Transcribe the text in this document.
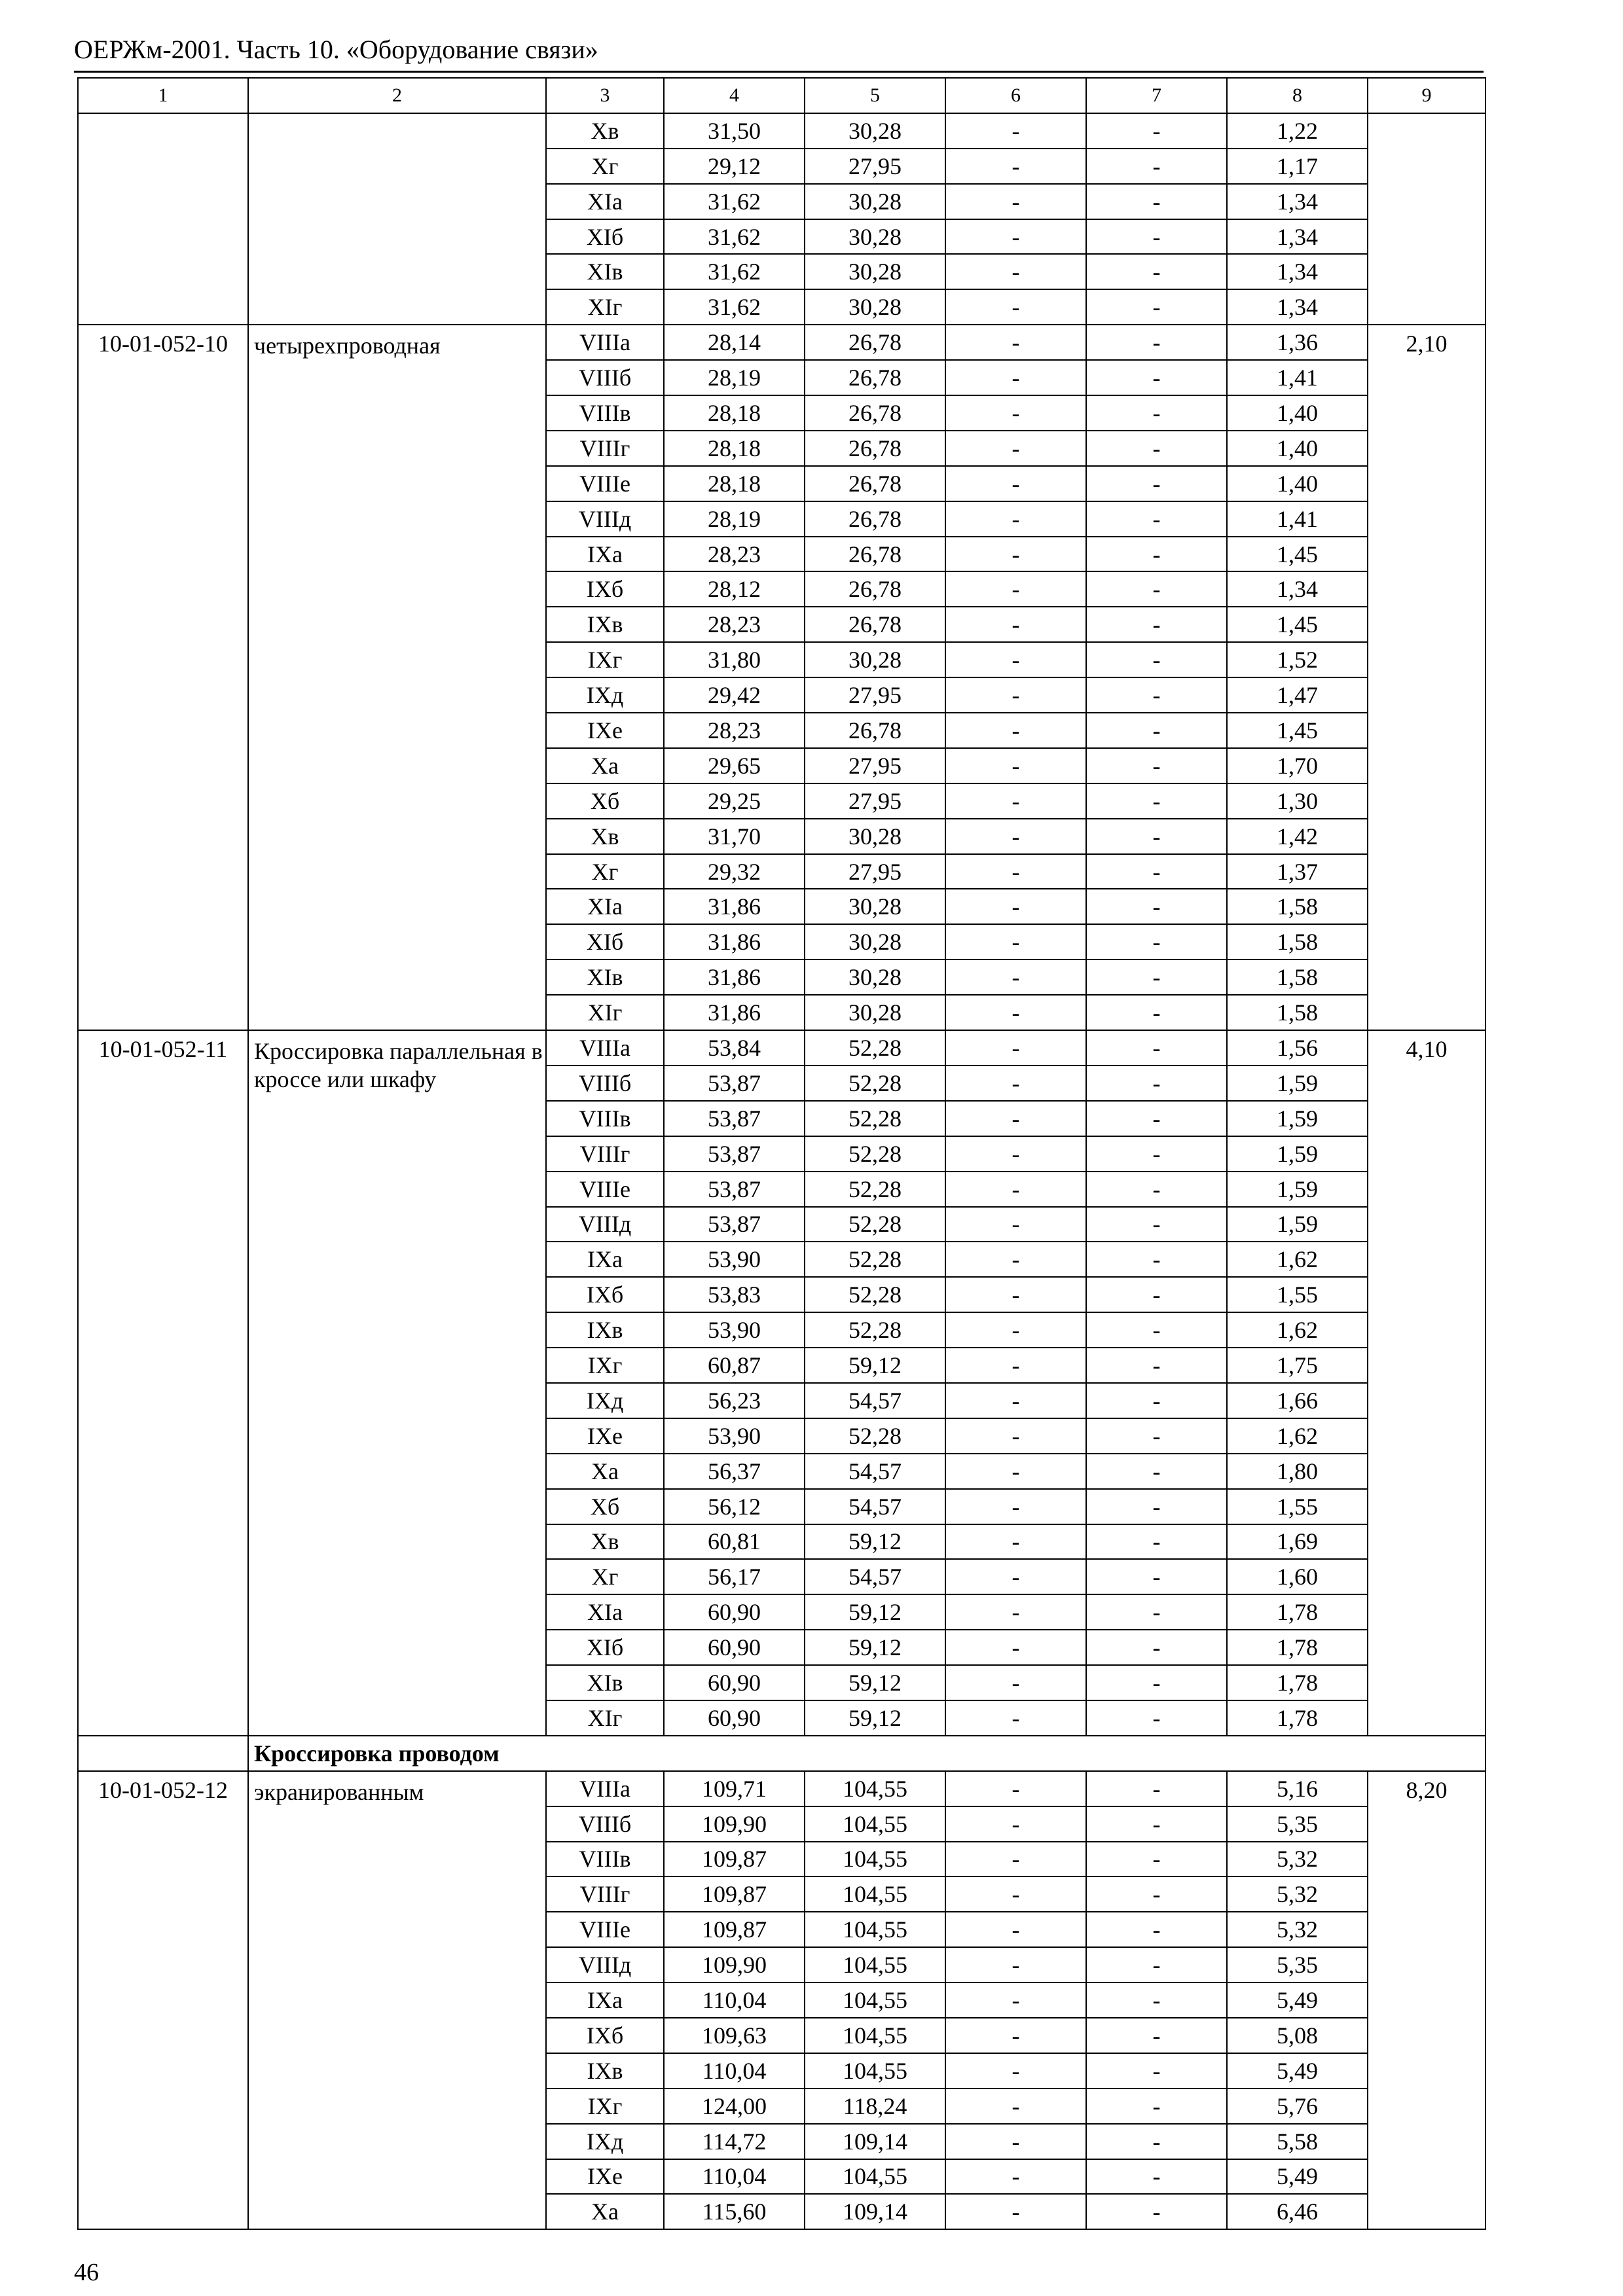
ОЕРЖм-2001. Часть 10. «Оборудование связи»
1	2	3	4	5	6	7	8	9
		Xв	31,50	30,28	-	-	1,22	
		Xг	29,12	27,95	-	-	1,17	
		XIа	31,62	30,28	-	-	1,34	
		XIб	31,62	30,28	-	-	1,34	
		XIв	31,62	30,28	-	-	1,34	
		XIг	31,62	30,28	-	-	1,34	
10-01-052-10	четырехпроводная	VIIIа	28,14	26,78	-	-	1,36	2,10
		VIIIб	28,19	26,78	-	-	1,41	
		VIIIв	28,18	26,78	-	-	1,40	
		VIIIг	28,18	26,78	-	-	1,40	
		VIIIе	28,18	26,78	-	-	1,40	
		VIIIд	28,19	26,78	-	-	1,41	
		IXа	28,23	26,78	-	-	1,45	
		IXб	28,12	26,78	-	-	1,34	
		IXв	28,23	26,78	-	-	1,45	
		IXг	31,80	30,28	-	-	1,52	
		IXд	29,42	27,95	-	-	1,47	
		IXе	28,23	26,78	-	-	1,45	
		Xа	29,65	27,95	-	-	1,70	
		Xб	29,25	27,95	-	-	1,30	
		Xв	31,70	30,28	-	-	1,42	
		Xг	29,32	27,95	-	-	1,37	
		XIа	31,86	30,28	-	-	1,58	
		XIб	31,86	30,28	-	-	1,58	
		XIв	31,86	30,28	-	-	1,58	
		XIг	31,86	30,28	-	-	1,58	
10-01-052-11	Кроссировка параллельная в кроссе или шкафу	VIIIа	53,84	52,28	-	-	1,56	4,10
		VIIIб	53,87	52,28	-	-	1,59	
		VIIIв	53,87	52,28	-	-	1,59	
		VIIIг	53,87	52,28	-	-	1,59	
		VIIIе	53,87	52,28	-	-	1,59	
		VIIIд	53,87	52,28	-	-	1,59	
		IXа	53,90	52,28	-	-	1,62	
		IXб	53,83	52,28	-	-	1,55	
		IXв	53,90	52,28	-	-	1,62	
		IXг	60,87	59,12	-	-	1,75	
		IXд	56,23	54,57	-	-	1,66	
		IXе	53,90	52,28	-	-	1,62	
		Xа	56,37	54,57	-	-	1,80	
		Xб	56,12	54,57	-	-	1,55	
		Xв	60,81	59,12	-	-	1,69	
		Xг	56,17	54,57	-	-	1,60	
		XIа	60,90	59,12	-	-	1,78	
		XIб	60,90	59,12	-	-	1,78	
		XIв	60,90	59,12	-	-	1,78	
		XIг	60,90	59,12	-	-	1,78	
	Кроссировка проводом							
10-01-052-12	экранированным	VIIIа	109,71	104,55	-	-	5,16	8,20
		VIIIб	109,90	104,55	-	-	5,35	
		VIIIв	109,87	104,55	-	-	5,32	
		VIIIг	109,87	104,55	-	-	5,32	
		VIIIе	109,87	104,55	-	-	5,32	
		VIIIд	109,90	104,55	-	-	5,35	
		IXа	110,04	104,55	-	-	5,49	
		IXб	109,63	104,55	-	-	5,08	
		IXв	110,04	104,55	-	-	5,49	
		IXг	124,00	118,24	-	-	5,76	
		IXд	114,72	109,14	-	-	5,58	
		IXе	110,04	104,55	-	-	5,49	
		Xа	115,60	109,14	-	-	6,46	
46
